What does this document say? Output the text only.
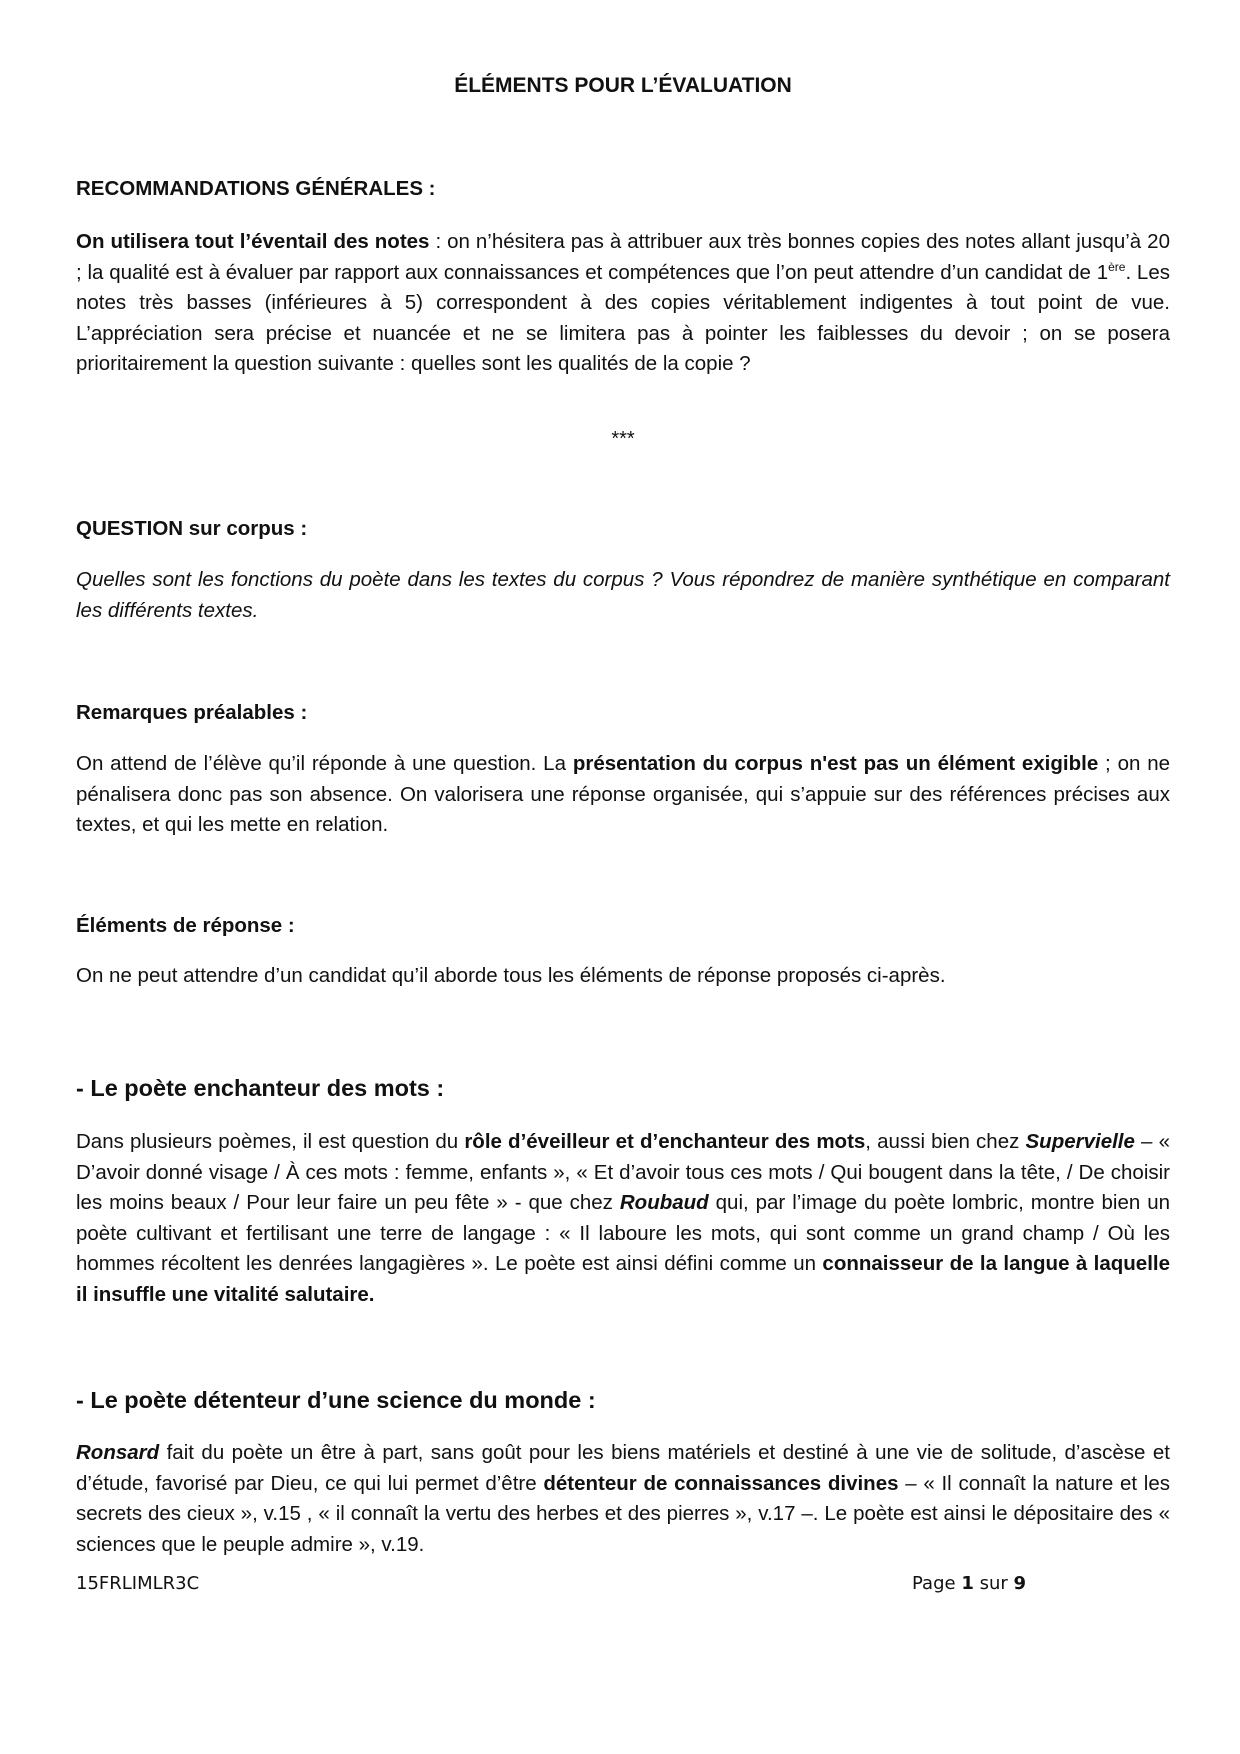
ÉLÉMENTS POUR L’ÉVALUATION
RECOMMANDATIONS GÉNÉRALES :
On utilisera tout l’éventail des notes : on n’hésitera pas à attribuer aux très bonnes copies des notes allant jusqu’à 20 ; la qualité est à évaluer par rapport aux connaissances et compétences que l’on peut attendre d’un candidat de 1ère. Les notes très basses (inférieures à 5) correspondent à des copies véritablement indigentes à tout point de vue. L’appréciation sera précise et nuancée et ne se limitera pas à pointer les faiblesses du devoir ; on se posera prioritairement la question suivante : quelles sont les qualités de la copie ?
***
QUESTION sur corpus :
Quelles sont les fonctions du poète dans les textes du corpus ? Vous répondrez de manière synthétique en comparant les différents textes.
Remarques préalables :
On attend de l’élève qu’il réponde à une question. La présentation du corpus n'est pas un élément exigible ; on ne pénalisera donc pas son absence. On valorisera une réponse organisée, qui s’appuie sur des références précises aux textes, et qui les mette en relation.
Éléments de réponse :
On ne peut attendre d’un candidat qu’il aborde tous les éléments de réponse proposés ci-après.
- Le poète enchanteur des mots :
Dans plusieurs poèmes, il est question du rôle d’éveilleur et d’enchanteur des mots, aussi bien chez Supervielle – « D’avoir donné visage / À ces mots : femme, enfants », « Et d’avoir tous ces mots / Qui bougent dans la tête, / De choisir les moins beaux / Pour leur faire un peu fête » - que chez Roubaud qui, par l’image du poète lombric, montre bien un poète cultivant et fertilisant une terre de langage : « Il laboure les mots, qui sont comme un grand champ / Où les hommes récoltent les denrées langagières ». Le poète est ainsi défini comme un connaisseur de la langue à laquelle il insuffle une vitalité salutaire.
- Le poète détenteur d’une science du monde :
Ronsard fait du poète un être à part, sans goût pour les biens matériels et destiné à une vie de solitude, d’ascèse et d’étude, favorisé par Dieu, ce qui lui permet d’être détenteur de connaissances divines – « Il connaît la nature et les secrets des cieux », v.15 , « il connaît la vertu des herbes et des pierres », v.17 –. Le poète est ainsi le dépositaire des « sciences que le peuple admire », v.19.
15FRLIMLR3C	Page 1 sur 9
